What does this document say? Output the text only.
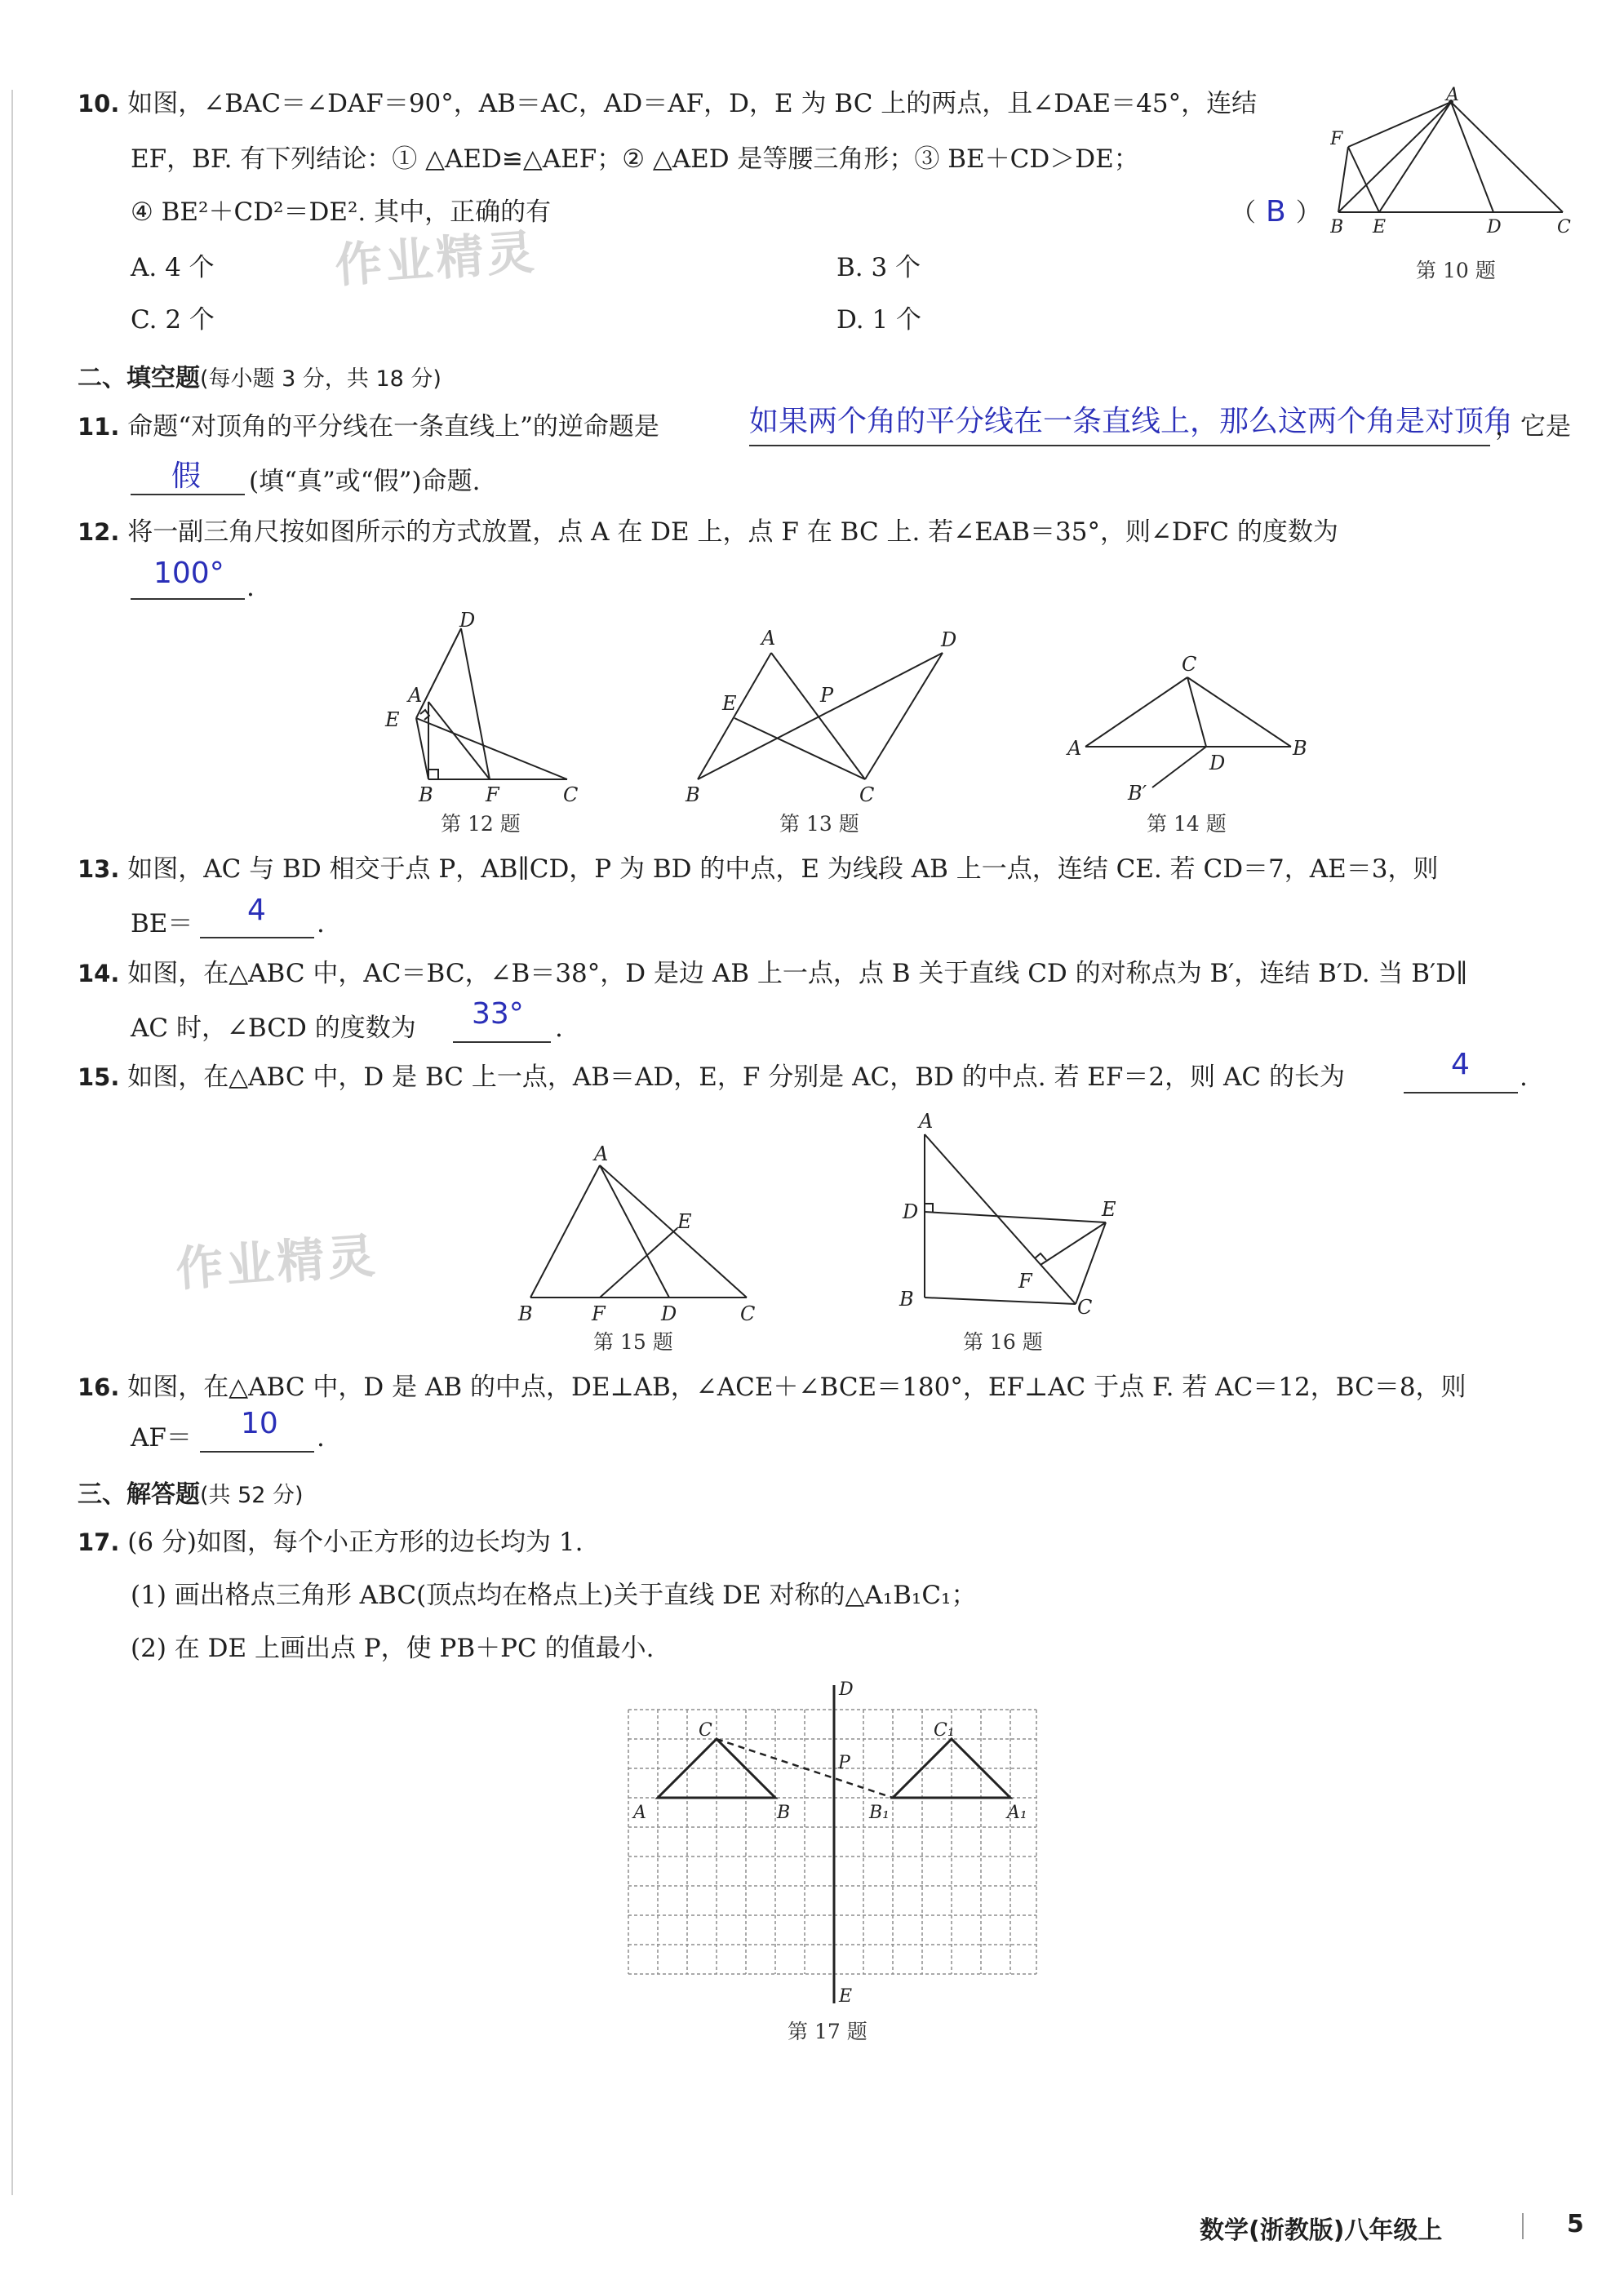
作业精灵
作业精灵
10. 如图，∠BAC＝∠DAF＝90°，AB＝AC，AD＝AF，D，E 为 BC 上的两点，且∠DAE＝45°，连结
EF，BF. 有下列结论：① △AED≌△AEF；② △AED 是等腰三角形；③ BE＋CD＞DE；
④ BE²＋CD²＝DE². 其中，正确的有	（ B ）
A. 4 个	B. 3 个
C. 2 个	D. 1 个
A
F
B E	D	C
第 10 题
二、填空题(每小题 3 分，共 18 分)
11. 命题“对顶角的平分线在一条直线上”的逆命题是	如果两个角的平分线在一条直线上，那么这两个角是对顶角
，它是
假 (填“真”或“假”)命题.
12. 将一副三角尺按如图所示的方式放置，点 A 在 DE 上，点 F 在 BC 上. 若∠EAB＝35°，则∠DFC 的度数为
100° .
D
A
E
B	F	C
第 12 题
A	D
E	P
B	C
第 13 题
C
A	B
D
B′
第 14 题
13. 如图，AC 与 BD 相交于点 P，AB∥CD，P 为 BD 的中点，E 为线段 AB 上一点，连结 CE. 若 CD＝7，AE＝3，则
BE＝ 4 .
14. 如图，在△ABC 中，AC＝BC，∠B＝38°，D 是边 AB 上一点，点 B 关于直线 CD 的对称点为 B′，连结 B′D. 当 B′D∥
AC 时，∠BCD 的度数为 33° .
15. 如图，在△ABC 中，D 是 BC 上一点，AB＝AD，E，F 分别是 AC，BD 的中点. 若 EF＝2，则 AC 的长为	4 .
A
E
B	F	D	C
第 15 题
A
D	E
F
B	C
第 16 题
16. 如图，在△ABC 中，D 是 AB 的中点，DE⊥AB，∠ACE＋∠BCE＝180°，EF⊥AC 于点 F. 若 AC＝12，BC＝8，则
AF＝ 10 .
三、解答题(共 52 分)
17. (6 分)如图，每个小正方形的边长均为 1.
(1) 画出格点三角形 ABC(顶点均在格点上)关于直线 DE 对称的△A₁B₁C₁；
(2) 在 DE 上画出点 P，使 PB＋PC 的值最小.
D
E
C
A	B
P
C₁
B₁	A₁
第 17 题
数学(浙教版)八年级上	5
